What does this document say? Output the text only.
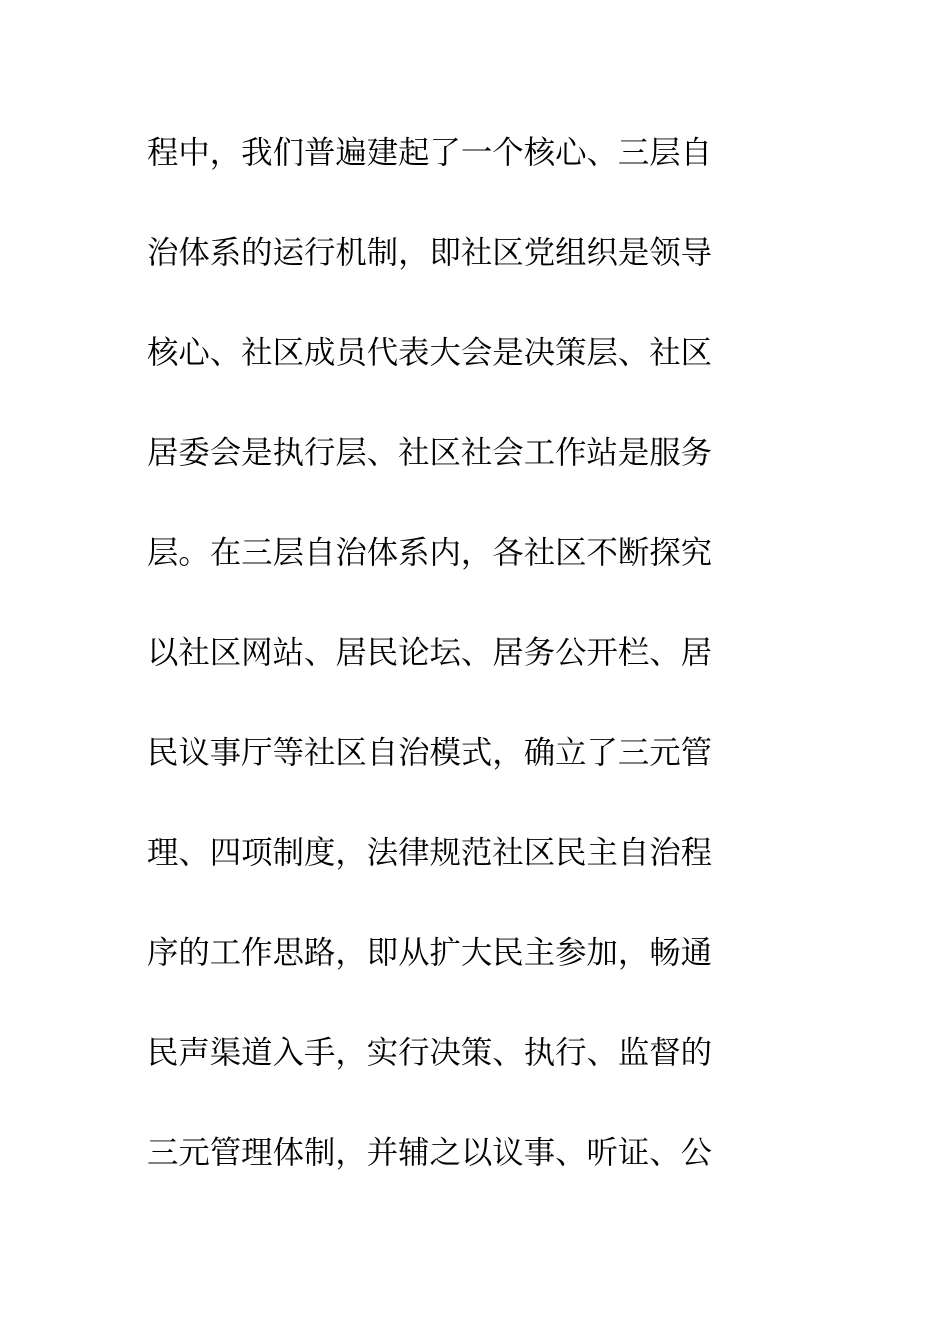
程中，我们普遍建起了一个核心、三层自
治体系的运行机制，即社区党组织是领导
核心、社区成员代表大会是决策层、社区
居委会是执行层、社区社会工作站是服务
层。在三层自治体系内，各社区不断探究
以社区网站、居民论坛、居务公开栏、居
民议事厅等社区自治模式，确立了三元管
理、四项制度，法律规范社区民主自治程
序的工作思路，即从扩大民主参加，畅通
民声渠道入手，实行决策、执行、监督的
三元管理体制，并辅之以议事、听证、公
